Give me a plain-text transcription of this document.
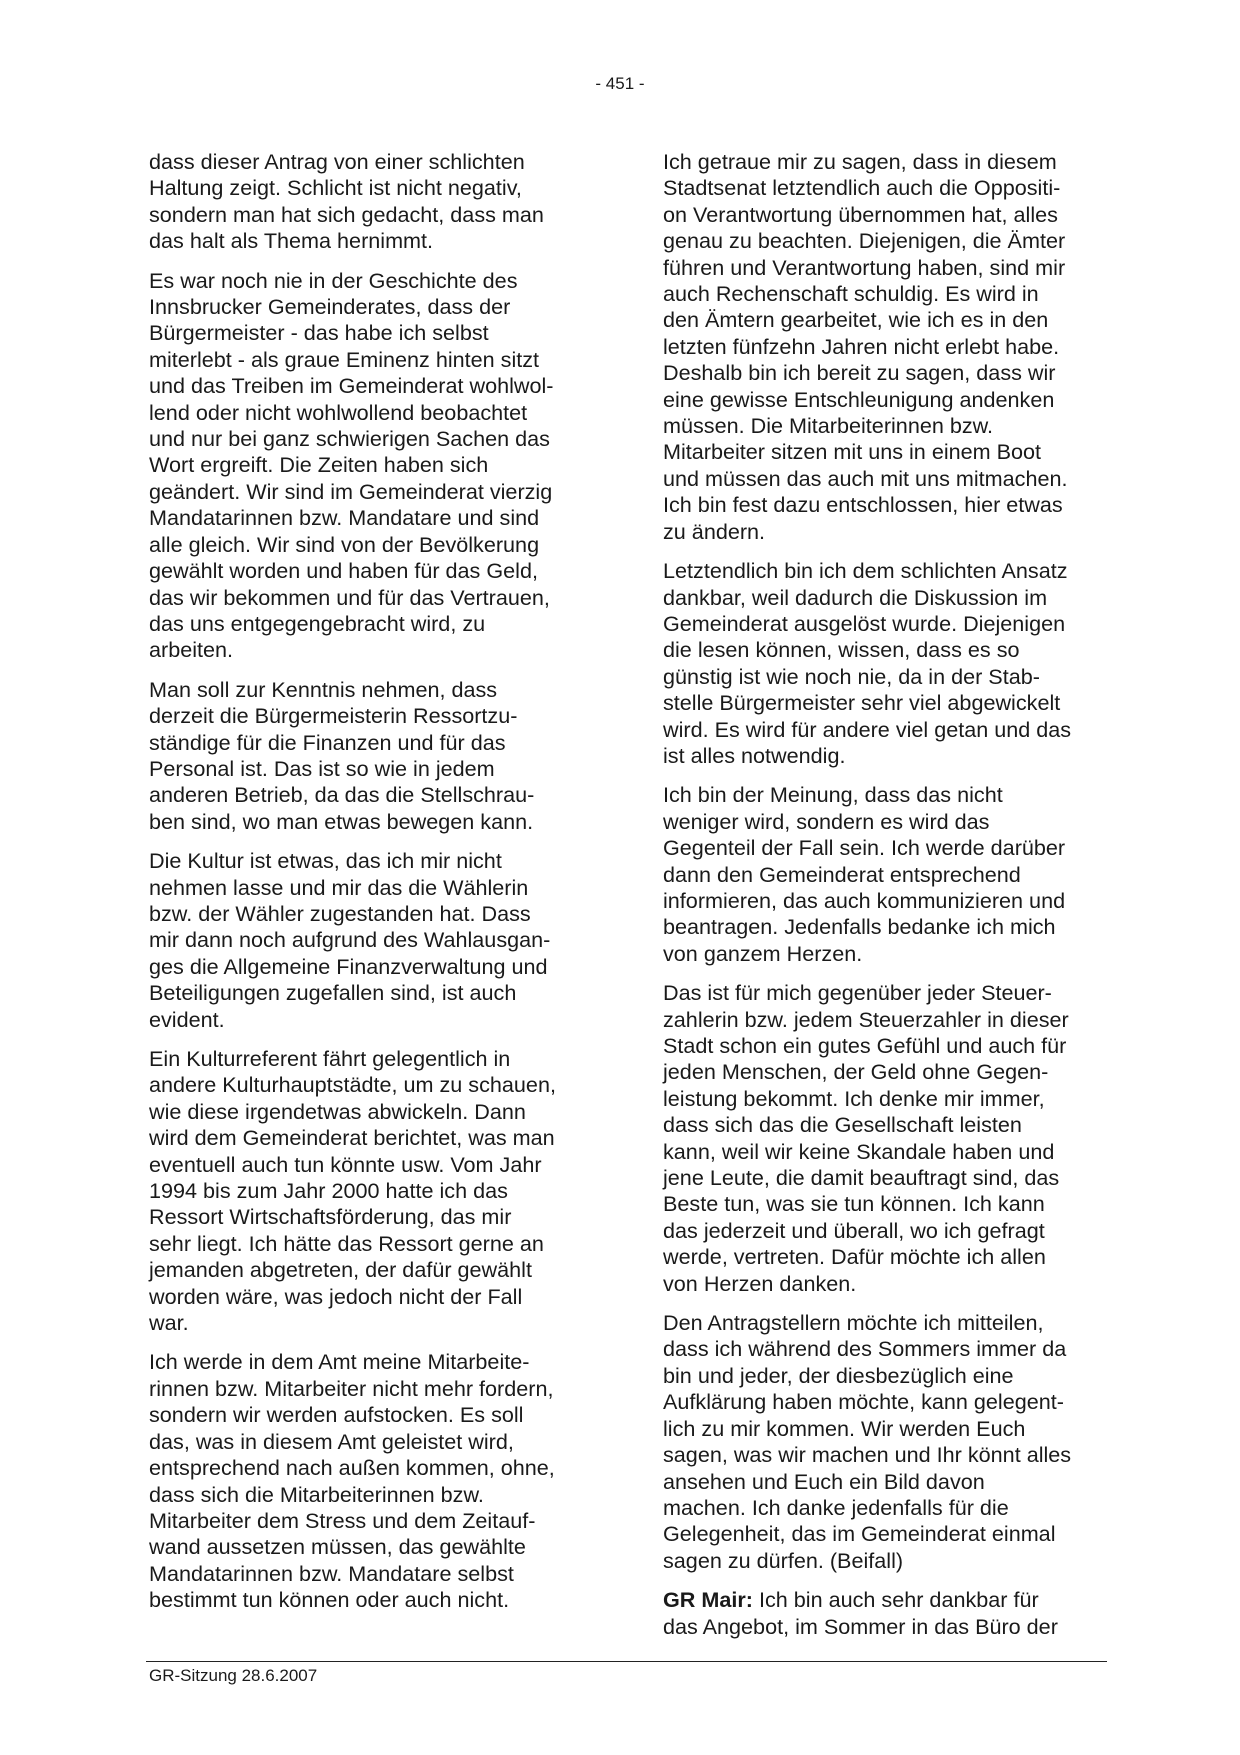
- 451 -

dass dieser Antrag von einer schlichten
Haltung zeigt. Schlicht ist nicht negativ,
sondern man hat sich gedacht, dass man
das halt als Thema hernimmt.

Es war noch nie in der Geschichte des
Innsbrucker Gemeinderates, dass der
Bürgermeister - das habe ich selbst
miterlebt - als graue Eminenz hinten sitzt
und das Treiben im Gemeinderat wohlwol-
lend oder nicht wohlwollend beobachtet
und nur bei ganz schwierigen Sachen das
Wort ergreift. Die Zeiten haben sich
geändert. Wir sind im Gemeinderat vierzig
Mandatarinnen bzw. Mandatare und sind
alle gleich. Wir sind von der Bevölkerung
gewählt worden und haben für das Geld,
das wir bekommen und für das Vertrauen,
das uns entgegengebracht wird, zu
arbeiten.

Man soll zur Kenntnis nehmen, dass
derzeit die Bürgermeisterin Ressortzu-
ständige für die Finanzen und für das
Personal ist. Das ist so wie in jedem
anderen Betrieb, da das die Stellschrau-
ben sind, wo man etwas bewegen kann.

Die Kultur ist etwas, das ich mir nicht
nehmen lasse und mir das die Wählerin
bzw. der Wähler zugestanden hat. Dass
mir dann noch aufgrund des Wahlausgan-
ges die Allgemeine Finanzverwaltung und
Beteiligungen zugefallen sind, ist auch
evident.

Ein Kulturreferent fährt gelegentlich in
andere Kulturhauptstädte, um zu schauen,
wie diese irgendetwas abwickeln. Dann
wird dem Gemeinderat berichtet, was man
eventuell auch tun könnte usw. Vom Jahr
1994 bis zum Jahr 2000 hatte ich das
Ressort Wirtschaftsförderung, das mir
sehr liegt. Ich hätte das Ressort gerne an
jemanden abgetreten, der dafür gewählt
worden wäre, was jedoch nicht der Fall
war.

Ich werde in dem Amt meine Mitarbeite-
rinnen bzw. Mitarbeiter nicht mehr fordern,
sondern wir werden aufstocken. Es soll
das, was in diesem Amt geleistet wird,
entsprechend nach außen kommen, ohne,
dass sich die Mitarbeiterinnen bzw.
Mitarbeiter dem Stress und dem Zeitauf-
wand aussetzen müssen, das gewählte
Mandatarinnen bzw. Mandatare selbst
bestimmt tun können oder auch nicht.

Ich getraue mir zu sagen, dass in diesem
Stadtsenat letztendlich auch die Oppositi-
on Verantwortung übernommen hat, alles
genau zu beachten. Diejenigen, die Ämter
führen und Verantwortung haben, sind mir
auch Rechenschaft schuldig. Es wird in
den Ämtern gearbeitet, wie ich es in den
letzten fünfzehn Jahren nicht erlebt habe.
Deshalb bin ich bereit zu sagen, dass wir
eine gewisse Entschleunigung andenken
müssen. Die Mitarbeiterinnen bzw.
Mitarbeiter sitzen mit uns in einem Boot
und müssen das auch mit uns mitmachen.
Ich bin fest dazu entschlossen, hier etwas
zu ändern.

Letztendlich bin ich dem schlichten Ansatz
dankbar, weil dadurch die Diskussion im
Gemeinderat ausgelöst wurde. Diejenigen
die lesen können, wissen, dass es so
günstig ist wie noch nie, da in der Stab-
stelle Bürgermeister sehr viel abgewickelt
wird. Es wird für andere viel getan und das
ist alles notwendig.

Ich bin der Meinung, dass das nicht
weniger wird, sondern es wird das
Gegenteil der Fall sein. Ich werde darüber
dann den Gemeinderat entsprechend
informieren, das auch kommunizieren und
beantragen. Jedenfalls bedanke ich mich
von ganzem Herzen.

Das ist für mich gegenüber jeder Steuer-
zahlerin bzw. jedem Steuerzahler in dieser
Stadt schon ein gutes Gefühl und auch für
jeden Menschen, der Geld ohne Gegen-
leistung bekommt. Ich denke mir immer,
dass sich das die Gesellschaft leisten
kann, weil wir keine Skandale haben und
jene Leute, die damit beauftragt sind, das
Beste tun, was sie tun können. Ich kann
das jederzeit und überall, wo ich gefragt
werde, vertreten. Dafür möchte ich allen
von Herzen danken.

Den Antragstellern möchte ich mitteilen,
dass ich während des Sommers immer da
bin und jeder, der diesbezüglich eine
Aufklärung haben möchte, kann gelegent-
lich zu mir kommen. Wir werden Euch
sagen, was wir machen und Ihr könnt alles
ansehen und Euch ein Bild davon
machen. Ich danke jedenfalls für die
Gelegenheit, das im Gemeinderat einmal
sagen zu dürfen. (Beifall)

GR Mair: Ich bin auch sehr dankbar für
das Angebot, im Sommer in das Büro der

GR-Sitzung 28.6.2007
